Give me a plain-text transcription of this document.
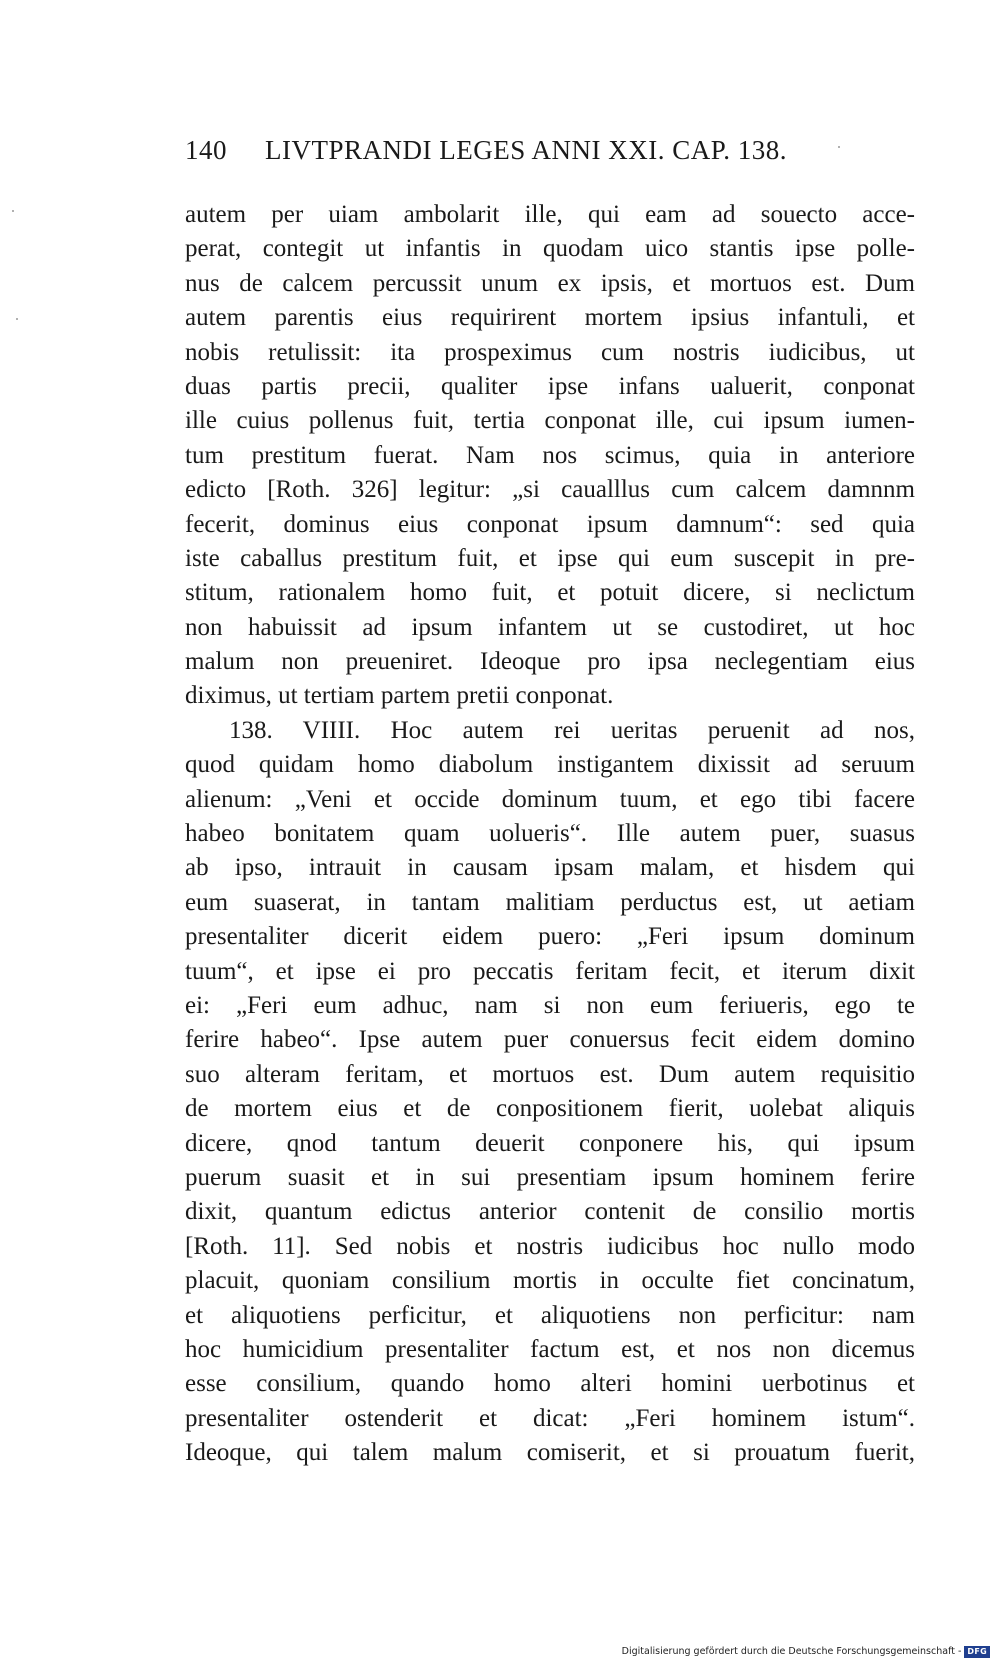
140 LIVTPRANDI LEGES ANNI XXI. CAP. 138.
autem per uiam ambolarit ille, qui eam ad souecto acce-
perat, contegit ut infantis in quodam uico stantis ipse polle-
nus de calcem percussit unum ex ipsis, et mortuos est. Dum
autem parentis eius requirirent mortem ipsius infantuli, et
nobis retulissit: ita prospeximus cum nostris iudicibus, ut
duas partis precii, qualiter ipse infans ualuerit, conponat
ille cuius pollenus fuit, tertia conponat ille, cui ipsum iumen-
tum prestitum fuerat. Nam nos scimus, quia in anteriore
edicto [Roth. 326] legitur: „si caualllus cum calcem damnnm
fecerit, dominus eius conponat ipsum damnum“: sed quia
iste caballus prestitum fuit, et ipse qui eum suscepit in pre-
stitum, rationalem homo fuit, et potuit dicere, si neclictum
non habuissit ad ipsum infantem ut se custodiret, ut hoc
malum non preueniret. Ideoque pro ipsa neclegentiam eius
diximus, ut tertiam partem pretii conponat.
138. VIIII. Hoc autem rei ueritas peruenit ad nos,
quod quidam homo diabolum instigantem dixissit ad seruum
alienum: „Veni et occide dominum tuum, et ego tibi facere
habeo bonitatem quam uolueris“. Ille autem puer, suasus
ab ipso, intrauit in causam ipsam malam, et hisdem qui
eum suaserat, in tantam malitiam perductus est, ut aetiam
presentaliter dicerit eidem puero: „Feri ipsum dominum
tuum“, et ipse ei pro peccatis feritam fecit, et iterum dixit
ei: „Feri eum adhuc, nam si non eum ferіueris, ego te
ferire habeo“. Ipse autem puer conuersus fecit eidem domino
suo alteram feritam, et mortuos est. Dum autem requisitio
de mortem eius et de conpositionem fierit, uolebat aliquis
dicere, qnod tantum deuerit conponere his, qui ipsum
puerum suasit et in sui presentiam ipsum hominem ferire
dixit, quantum edictus anterior contenit de consilio mortis
[Roth. 11]. Sed nobis et nostris iudicibus hoc nullo modo
placuit, quoniam consilium mortis in occulte fiet concinatum,
et aliquotiens perficitur, et aliquotiens non perficitur: nam
hoc humicidium presentaliter factum est, et nos non dicemus
esse consilium, quando homo alteri homini uerbotinus et
presentaliter ostenderit et dicat: „Feri hominem istum“.
Ideoque, qui talem malum comiserit, et si prouatum fuerit,
Digitalisierung gefördert durch die Deutsche Forschungsgemeinschaft - DFG
